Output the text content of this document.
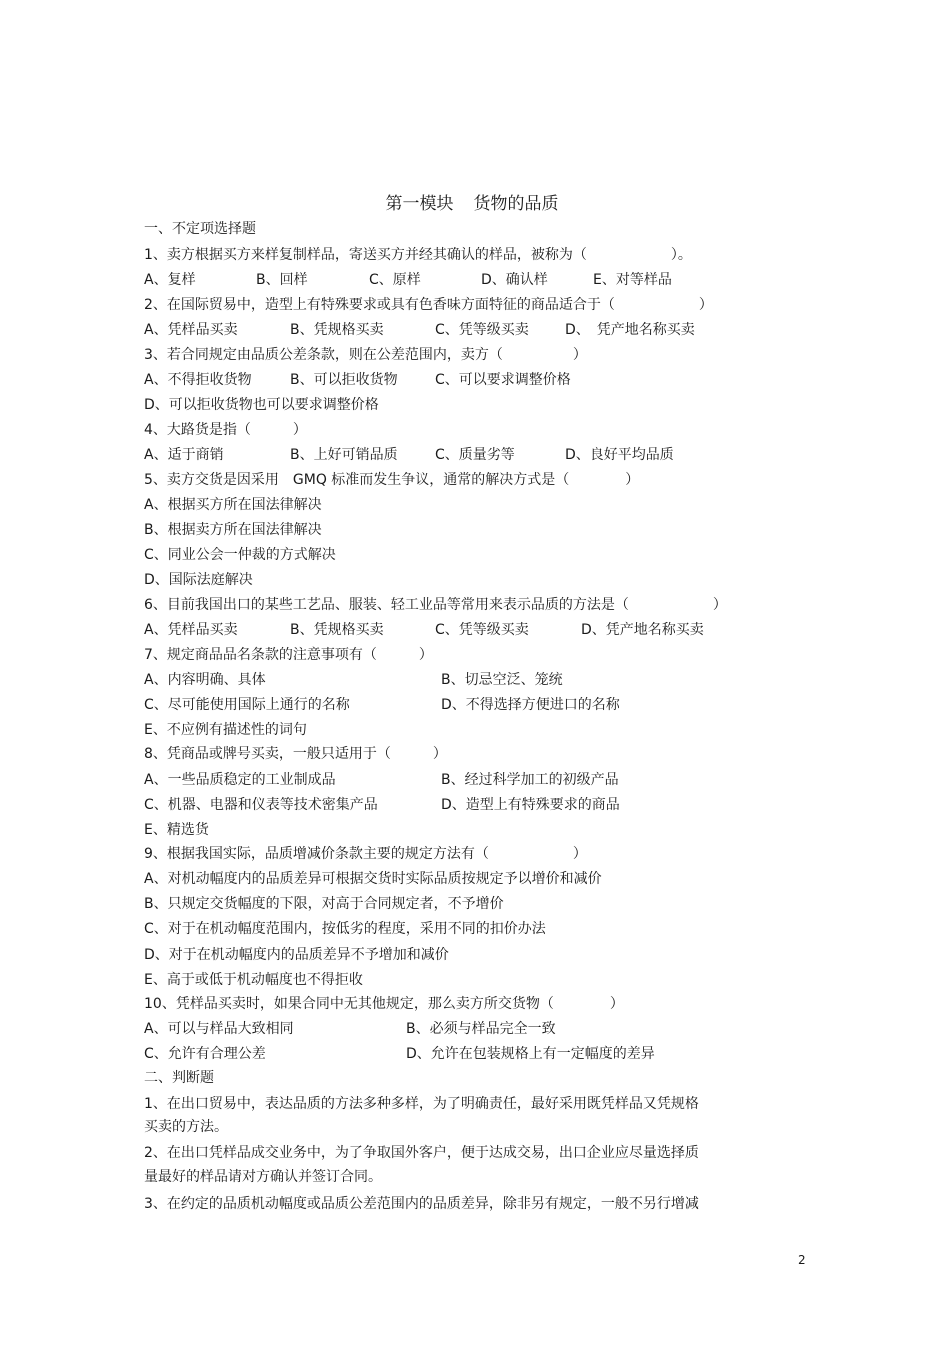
第一模块 货物的品质
一、不定项选择题
1、卖方根据买方来样复制样品，寄送买方并经其确认的样品，被称为（　　　　　　）。
A、复样	B、回样	C、原样	D、确认样	E、对等样品
2、在国际贸易中，造型上有特殊要求或具有色香味方面特征的商品适合于（　　　　　　）
A、凭样品买卖	B、凭规格买卖	C、凭等级买卖	D、　凭产地名称买卖
3、若合同规定由品质公差条款，则在公差范围内，卖方（　　　　　）
A、不得拒收货物	B、可以拒收货物	C、可以要求调整价格
D、可以拒收货物也可以要求调整价格
4、大路货是指（　　　）
A、适于商销	B、上好可销品质	C、质量劣等	D、良好平均品质
5、卖方交货是因采用　GMQ 标准而发生争议，通常的解决方式是（　　　　）
A、根据买方所在国法律解决
B、根据卖方所在国法律解决
C、同业公会一仲裁的方式解决
D、国际法庭解决
6、目前我国出口的某些工艺品、服装、轻工业品等常用来表示品质的方法是（　　　　　　）
A、凭样品买卖	B、凭规格买卖	C、凭等级买卖	D、凭产地名称买卖
7、规定商品品名条款的注意事项有（　　　）
A、内容明确、具体	B、切忌空泛、笼统
C、尽可能使用国际上通行的名称	D、不得选择方便进口的名称
E、不应例有描述性的词句
8、凭商品或牌号买卖，一般只适用于（　　　）
A、一些品质稳定的工业制成品	B、经过科学加工的初级产品
C、机器、电器和仪表等技术密集产品	D、造型上有特殊要求的商品
E、精选货
9、根据我国实际，品质增减价条款主要的规定方法有（　　　　　　）
A、对机动幅度内的品质差异可根据交货时实际品质按规定予以增价和减价
B、只规定交货幅度的下限，对高于合同规定者，不予增价
C、对于在机动幅度范围内，按低劣的程度，采用不同的扣价办法
D、对于在机动幅度内的品质差异不予增加和减价
E、高于或低于机动幅度也不得拒收
10、凭样品买卖时，如果合同中无其他规定，那么卖方所交货物（　　　　）
A、可以与样品大致相同	B、必须与样品完全一致
C、允许有合理公差	D、允许在包装规格上有一定幅度的差异
二、判断题
1、在出口贸易中，表达品质的方法多种多样，为了明确责任，最好采用既凭样品又凭规格
买卖的方法。
2、在出口凭样品成交业务中，为了争取国外客户，便于达成交易，出口企业应尽量选择质
量最好的样品请对方确认并签订合同。
3、在约定的品质机动幅度或品质公差范围内的品质差异，除非另有规定，一般不另行增减
2
